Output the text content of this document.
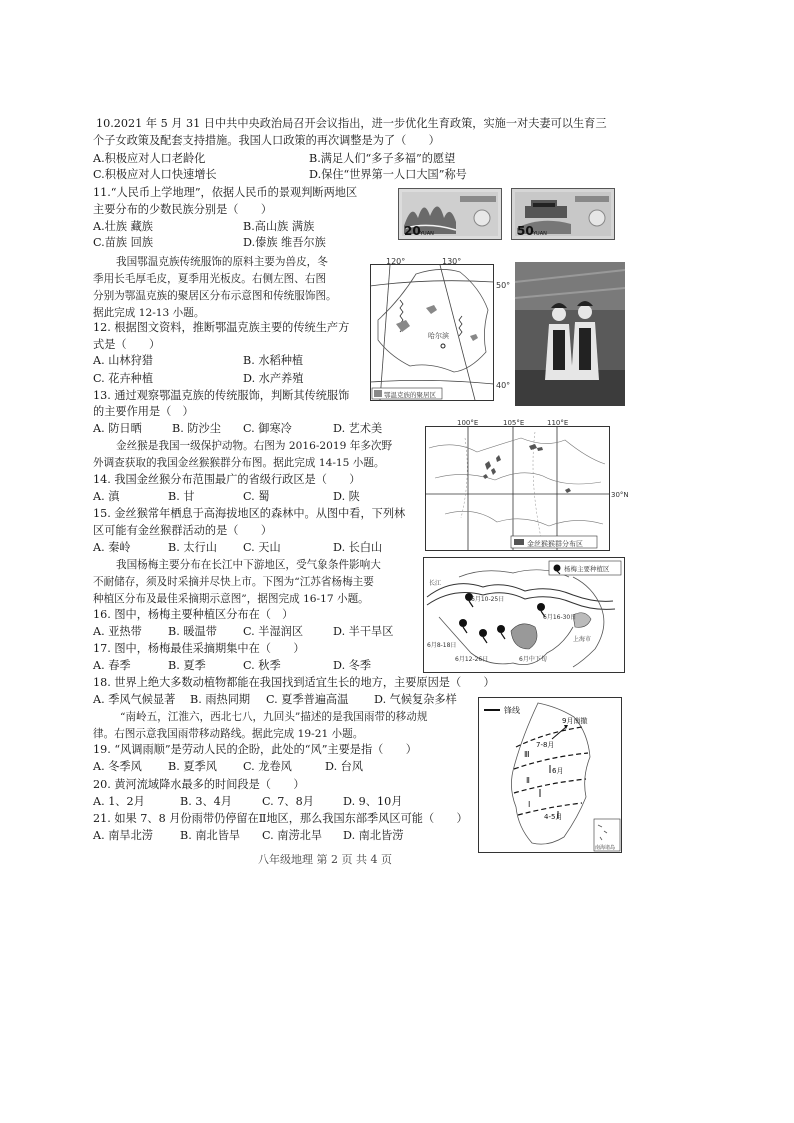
10.2021 年 5 月 31 日中共中央政治局召开会议指出，进一步优化生育政策，实施一对夫妻可以生育三
个子女政策及配套支持措施。我国人口政策的再次调整是为了（　　）
A.积极应对人口老龄化	B.满足人们“多子多福”的愿望
C.积极应对人口快速增长	D.保住“世界第一人口大国”称号
11.“人民币上学地理”，依据人民币的景观判断两地区
主要分布的少数民族分别是（　　）
A.壮族 藏族	B.高山族 满族
C.苗族 回族	D.傣族 维吾尔族
20 YUAN	50 YUAN
我国鄂温克族传统服饰的原料主要为兽皮，冬
季用长毛厚毛皮，夏季用光板皮。右侧左图、右图
分别为鄂温克族的聚居区分布示意图和传统服饰图。
据此完成 12-13 小题。
哈尔滨
120°	130°
50°
40°
鄂温克族的聚居区
12. 根据图文资料，推断鄂温克族主要的传统生产方
式是（　　）
A. 山林狩猎	B. 水稻种植
C. 花卉种植	D. 水产养殖
13. 通过观察鄂温克族的传统服饰，判断其传统服饰
的主要作用是（　）
A. 防日晒	B. 防沙尘 C. 御寒冷	D. 艺术美
金丝猴是我国一级保护动物。右图为 2016-2019 年多次野
外调查获取的我国金丝猴猴群分布图。据此完成 14-15 小题。
100°E	105°E	110°E
30°N
金丝猴猴群分布区
14. 我国金丝猴分布范围最广的省级行政区是（　　）
A. 滇	B. 甘	C. 蜀	D. 陕
15. 金丝猴常年栖息于高海拔地区的森林中。从图中看，下列林
区可能有金丝猴群活动的是（　　）
A. 秦岭	B. 太行山 C. 天山	D. 长白山
我国杨梅主要分布在长江中下游地区，受气象条件影响大
不耐储存，须及时采摘并尽快上市。下图为“江苏省杨梅主要
种植区分布及最佳采摘期示意图”，据图完成 16-17 小题。
杨梅主要种植区
6月10-25日
6月16-30日
6月12-26日
6月8-18日
6月中下旬
长江
上海市
16. 图中，杨梅主要种植区分布在（　）
A. 亚热带 B. 暖温带 C. 半湿润区	D. 半干旱区
17. 图中，杨梅最佳采摘期集中在（　　）
A. 春季	B. 夏季	C. 秋季	D. 冬季
18. 世界上绝大多数动植物都能在我国找到适宜生长的地方，主要原因是（　　）
A. 季风气候显著 B. 雨热同期 C. 夏季普遍高温 D. 气候复杂多样
“南岭五，江淮六，西北七八，九回头”描述的是我国雨带的移动规
律。右图示意我国雨带移动路线。据此完成 19-21 小题。
锋线
9月南撤
7-8月
6月
4-5月
Ⅲ
Ⅱ
Ⅰ
南海诸岛
19. “风调雨顺”是劳动人民的企盼，此处的“风”主要是指（　　）
A. 冬季风 B. 夏季风 C. 龙卷风	D. 台风
20. 黄河流域降水最多的时间段是（　　）
A. 1、2月	B. 3、4月	C. 7、8月	D. 9、10月
21. 如果 7、8 月份雨带仍停留在Ⅱ地区，那么我国东部季风区可能（　　）
A. 南旱北涝 B. 南北皆旱 C. 南涝北旱 D. 南北皆涝
八年级地理 第 2 页 共 4 页
